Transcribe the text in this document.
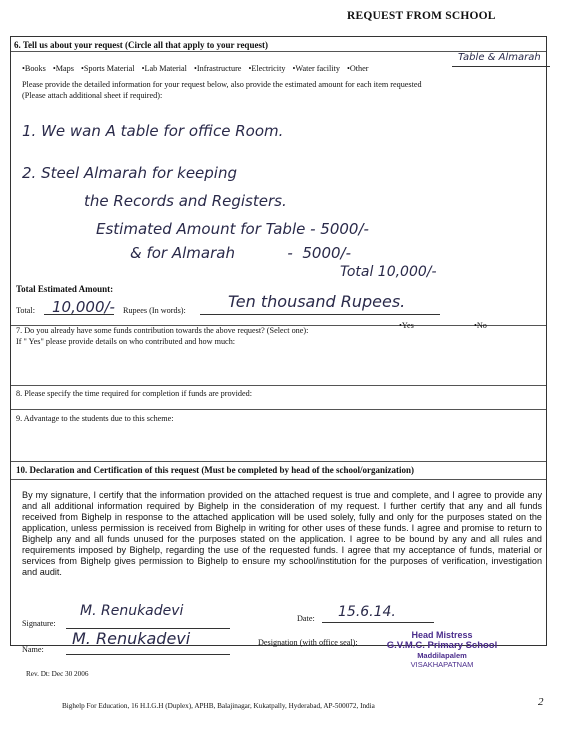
REQUEST FROM SCHOOL
6. Tell us about your request (Circle all that apply to your request)
•Books •Maps •Sports Material •Lab Material •Infrastructure •Electricity •Water facility •Other
Table & Almarah
Please provide the detailed information for your request below, also provide the estimated amount for each item requested
(Please attach additional sheet if required):
1. We wan A table for office Room.
2. Steel Almarah for keeping
the Records and Registers.
Estimated Amount for Table - 5000/-
& for Almarah           -  5000/-
Total 10,000/-
Total Estimated Amount:
Total: 10,000/- Rupees (In words):	Ten thousand Rupees.
7. Do you already have some funds contribution towards the above request? (Select one):
•Yes	•No
If " Yes" please provide details on who contributed and how much:
8. Please specify the time required for completion if funds are provided:
9. Advantage to the students due to this scheme:
10. Declaration and Certification of this request (Must be completed by head of the school/organization)

By my signature, I certify that the information provided on the attached request is true and complete, and I agree to provide any and all additional information required by Bighelp in the consideration of my request. I further certify that any and all funds received from Bighelp in response to the attached application will be used solely, fully and only for the purposes stated on the application, unless permission is received from Bighelp in writing for other uses of these funds. I agree and promise to return to Bighelp any and all funds unused for the purposes stated on the application. I agree to be bound by any and all rules and requirements imposed by Bighelp, regarding the use of the requested funds. I agree that my acceptance of funds, material or services from Bighelp gives permission to Bighelp to ensure my school/institution for the purposes of verification, investigation and audit.

Signature:
M. Renukadevi	Date: 15.6.14.
Name:
M. Renukadevi	Designation (with office seal):
Head Mistress
G.V.M.C. Primary School
Maddilapalem
VISAKHAPATNAM
Rev. Dt: Dec 30 2006
Bighelp For Education, 16 H.I.G.H (Duplex), APHB, Balajinagar, Kukatpally, Hyderabad, AP-500072, India	2
